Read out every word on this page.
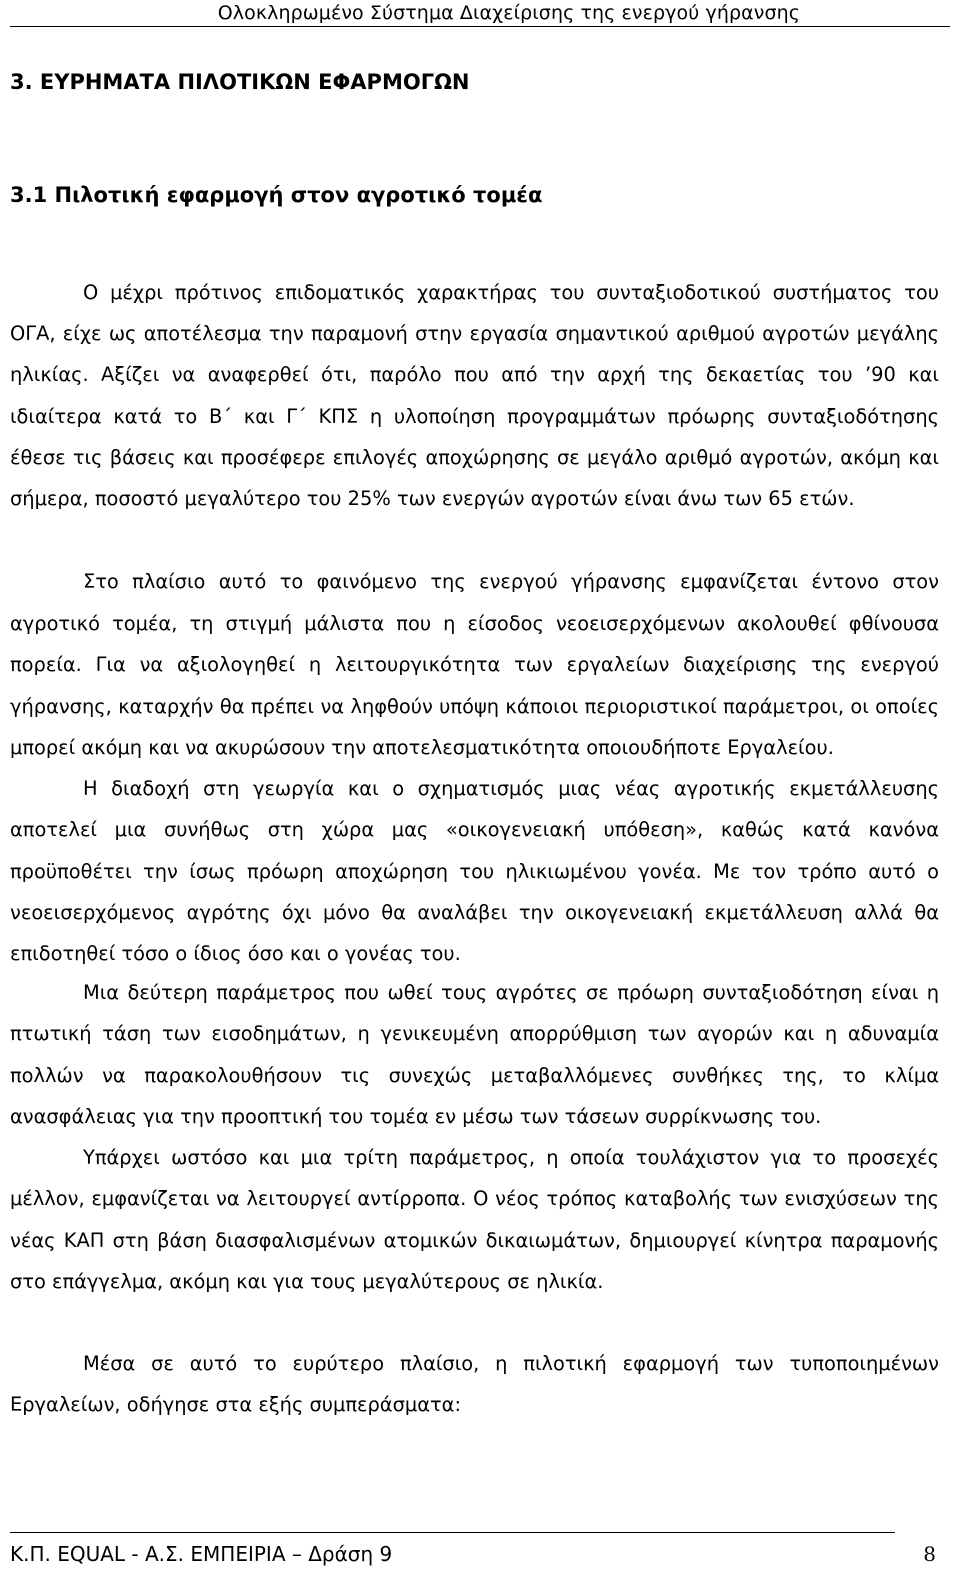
Ολοκληρωμένο Σύστημα Διαχείρισης της ενεργού γήρανσης
3. ΕΥΡΗΜΑΤΑ ΠΙΛΟΤΙΚΩΝ ΕΦΑΡΜΟΓΩΝ
3.1 Πιλοτική εφαρμογή στον αγροτικό τομέα

Ο μέχρι πρότινος επιδοματικός χαρακτήρας του συνταξιοδοτικού συστήματος του ΟΓΑ, είχε ως αποτέλεσμα την παραμονή στην εργασία σημαντικού αριθμού αγροτών μεγάλης ηλικίας. Αξίζει να αναφερθεί ότι, παρόλο που από την αρχή της δεκαετίας του ’90 και ιδιαίτερα κατά το Β΄ και Γ΄ ΚΠΣ η υλοποίηση προγραμμάτων πρόωρης συνταξιοδότησης έθεσε τις βάσεις και προσέφερε επιλογές αποχώρησης σε μεγάλο αριθμό αγροτών, ακόμη και σήμερα, ποσοστό μεγαλύτερο του 25% των ενεργών αγροτών είναι άνω των 65 ετών.

Στο πλαίσιο αυτό το φαινόμενο της ενεργού γήρανσης εμφανίζεται έντονο στον αγροτικό τομέα, τη στιγμή μάλιστα που η είσοδος νεοεισερχόμενων ακολουθεί φθίνουσα πορεία. Για να αξιολογηθεί η λειτουργικότητα των εργαλείων διαχείρισης της ενεργού γήρανσης, καταρχήν θα πρέπει να ληφθούν υπόψη κάποιοι περιοριστικοί παράμετροι, οι οποίες μπορεί ακόμη και να ακυρώσουν την αποτελεσματικότητα οποιουδήποτε Εργαλείου.

Η διαδοχή στη γεωργία και ο σχηματισμός μιας νέας αγροτικής εκμετάλλευσης αποτελεί μια συνήθως στη χώρα μας «οικογενειακή υπόθεση», καθώς κατά κανόνα προϋποθέτει την ίσως πρόωρη αποχώρηση του ηλικιωμένου γονέα. Με τον τρόπο αυτό ο νεοεισερχόμενος αγρότης όχι μόνο θα αναλάβει την οικογενειακή εκμετάλλευση αλλά θα επιδοτηθεί τόσο ο ίδιος όσο και ο γονέας του.

Μια δεύτερη παράμετρος που ωθεί τους αγρότες σε πρόωρη συνταξιοδότηση είναι η πτωτική τάση των εισοδημάτων, η γενικευμένη απορρύθμιση των αγορών και η αδυναμία πολλών να παρακολουθήσουν τις συνεχώς μεταβαλλόμενες συνθήκες της, το κλίμα ανασφάλειας για την προοπτική του τομέα εν μέσω των τάσεων συρρίκνωσης του.

Υπάρχει ωστόσο και μια τρίτη παράμετρος, η οποία τουλάχιστον για το προσεχές μέλλον, εμφανίζεται να λειτουργεί αντίρροπα. Ο νέος τρόπος καταβολής των ενισχύσεων της νέας ΚΑΠ στη βάση διασφαλισμένων ατομικών δικαιωμάτων, δημιουργεί κίνητρα παραμονής στο επάγγελμα, ακόμη και για τους μεγαλύτερους σε ηλικία.

Μέσα σε αυτό το ευρύτερο πλαίσιο, η πιλοτική εφαρμογή των τυποποιημένων Εργαλείων, οδήγησε στα εξής συμπεράσματα:

Κ.Π. EQUAL - Α.Σ. ΕΜΠΕΙΡΙΑ – Δράση 9	8
